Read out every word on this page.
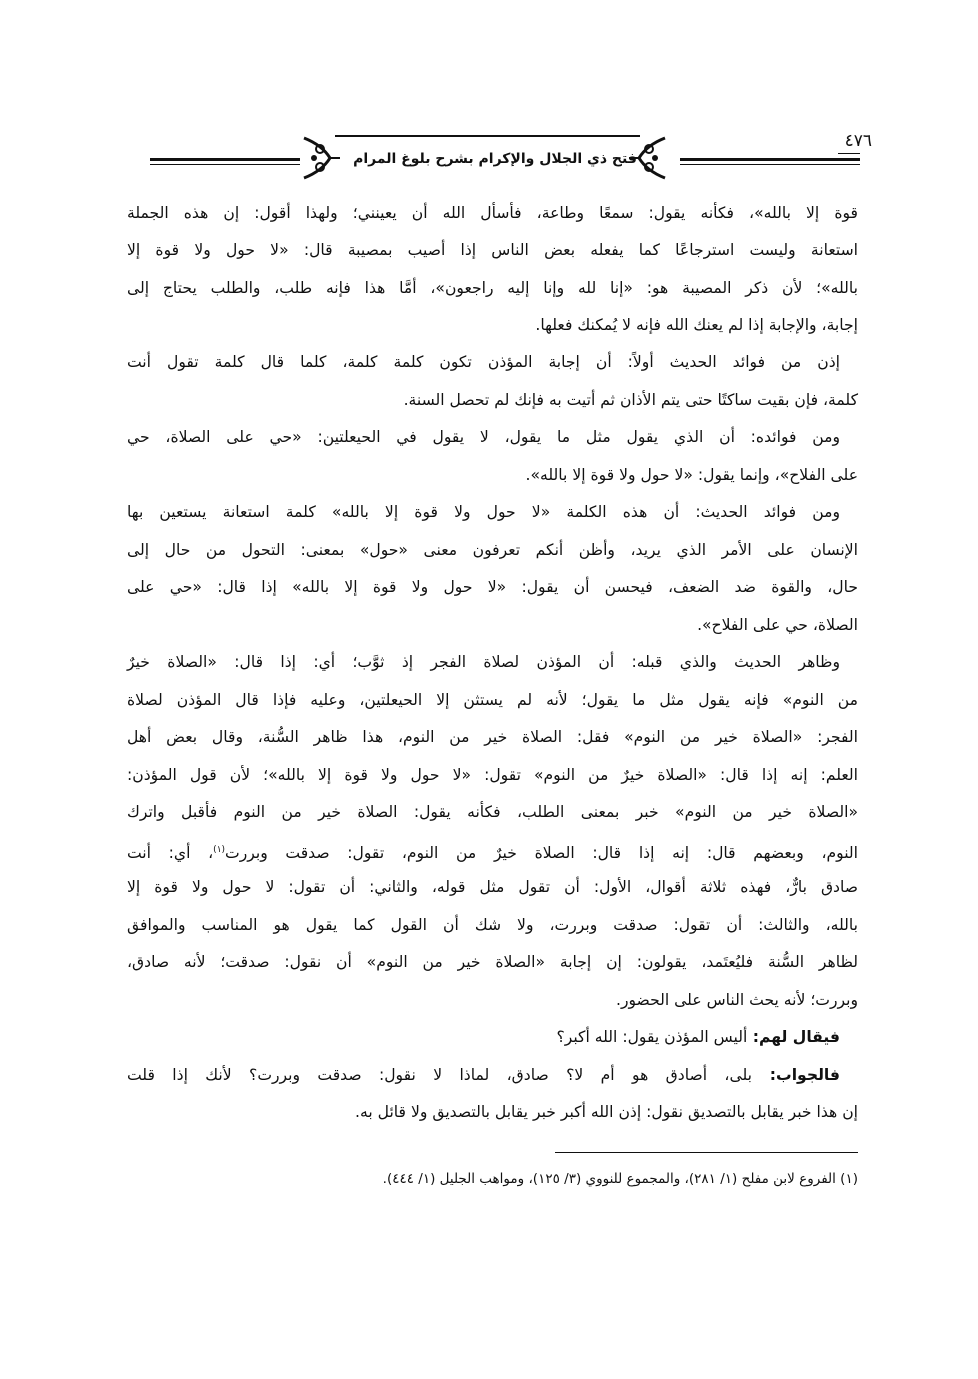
٤٧٦
فتح ذي الجلال والإكرام بشرح بلوغ المرام
قوة إلا بالله»، فكأنه يقول: سمعًا وطاعة، فأسأل الله أن يعينني؛ ولهذا أقول: إن هذه الجملة
استعانة وليست استرجاعًا كما يفعله بعض الناس إذا أصيب بمصيبة قال: «لا حول ولا قوة إلا
بالله»؛ لأن ذكر المصيبة هو: «إنا لله وإنا إليه راجعون»، أمَّا هذا فإنه طلب، والطلب يحتاج إلى
إجابة، والإجابة إذا لم يعنك الله فإنه لا يُمكنك فعلها.
إذن من فوائد الحديث أولاً: أن إجابة المؤذن تكون كلمة كلمة، كلما قال كلمة تقول أنت
كلمة، فإن بقيت ساكتًا حتى يتم الأذان ثم أتيت به فإنك لم تحصل السنة.
ومن فوائده: أن الذي يقول مثل ما يقول، لا يقول في الحيعلتين: «حي على الصلاة، حي
على الفلاح»، وإنما يقول: «لا حول ولا قوة إلا بالله».
ومن فوائد الحديث: أن هذه الكلمة «لا حول ولا قوة إلا بالله» كلمة استعانة يستعين بها
الإنسان على الأمر الذي يريد، وأظن أنكم تعرفون معنى «حول» بمعنى: التحول من حال إلى
حال، والقوة ضد الضعف، فيحسن أن يقول: «لا حول ولا قوة إلا بالله» إذا قال: «حي على
الصلاة، حي على الفلاح».
وظاهر الحديث والذي قبله: أن المؤذن لصلاة الفجر إذ ثوَّب؛ أي: إذا قال: «الصلاة خيرٌ
من النوم» فإنه يقول مثل ما يقول؛ لأنه لم يستثن إلا الحيعلتين، وعليه فإذا قال المؤذن لصلاة
الفجر: «الصلاة خير من النوم» فقل: الصلاة خير من النوم، هذا ظاهر السُّنة، وقال بعض أهل
العلم: إنه إذا قال: «الصلاة خيرٌ من النوم» تقول: «لا حول ولا قوة إلا بالله»؛ لأن قول المؤذن:
«الصلاة خير من النوم» خبر بمعنى الطلب، فكأنه يقول: الصلاة خير من النوم فأقبل واترك
النوم، وبعضهم قال: إنه إذا قال: الصلاة خيرٌ من النوم، تقول: صدقت وبررت$^{(١)}$، أي: أنت
صادق بارٌّ، فهذه ثلاثة أقوال، الأول: أن تقول مثل قوله، والثاني: أن تقول: لا حول ولا قوة إلا
بالله، والثالث: أن تقول: صدقت وبررت، ولا شك أن القول كما يقول هو المناسب والموافق
لظاهر السُّنة فليُعتَمد، يقولون: إن إجابة «الصلاة خير من النوم» أن نقول: صدقت؛ لأنه صادق،
وبررت؛ لأنه يحث الناس على الحضور.
فيقال لهم: أليس المؤذن يقول: الله أكبر؟
فالجواب: بلى، أصادق هو أم لا؟ صادق، لماذا لا نقول: صدقت وبررت؟ لأنك إذا قلت
إن هذا خبر يقابل بالتصديق نقول: إذن الله أكبر خبر يقابل بالتصديق ولا قائل به.
(١) الفروع لابن مفلح (١/ ٢٨١)، والمجموع للنووي (٣/ ١٢٥)، ومواهب الجليل (١/ ٤٤٤).
